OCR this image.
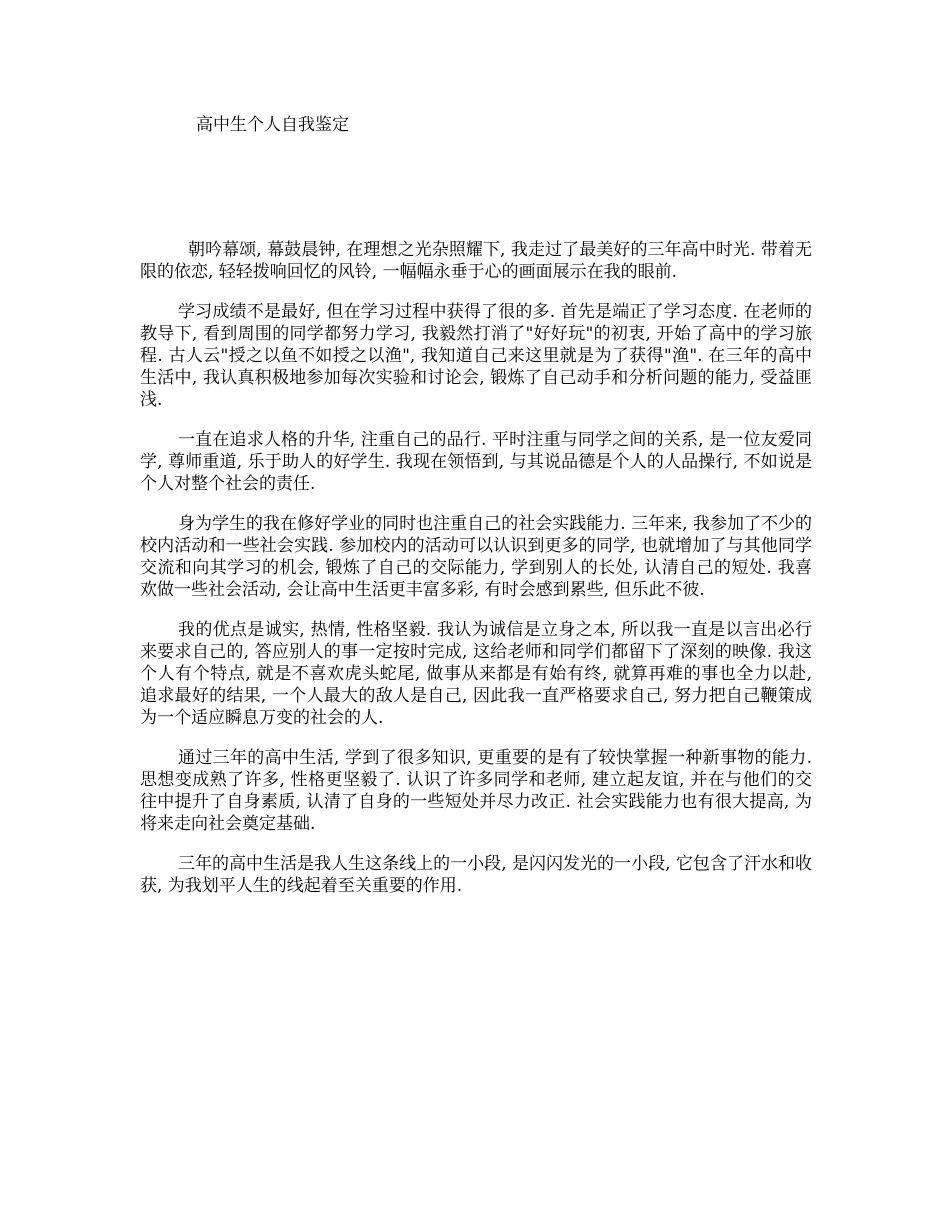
高中生个人自我鉴定

朝吟幕颂, 幕鼓晨钟, 在理想之光杂照耀下, 我走过了最美好的三年高中时光. 带着无限的依恋, 轻轻拨响回忆的风铃, 一幅幅永垂于心的画面展示在我的眼前.

学习成绩不是最好, 但在学习过程中获得了很的多. 首先是端正了学习态度. 在老师的教导下, 看到周围的同学都努力学习, 我毅然打消了"好好玩"的初衷, 开始了高中的学习旅程. 古人云"授之以鱼不如授之以渔", 我知道自己来这里就是为了获得"渔". 在三年的高中生活中, 我认真积极地参加每次实验和讨论会, 锻炼了自己动手和分析问题的能力, 受益匪浅.

一直在追求人格的升华, 注重自己的品行. 平时注重与同学之间的关系, 是一位友爱同学, 尊师重道, 乐于助人的好学生. 我现在领悟到, 与其说品德是个人的人品操行, 不如说是个人对整个社会的责任.

身为学生的我在修好学业的同时也注重自己的社会实践能力. 三年来, 我参加了不少的校内活动和一些社会实践. 参加校内的活动可以认识到更多的同学, 也就增加了与其他同学交流和向其学习的机会, 锻炼了自己的交际能力, 学到别人的长处, 认清自己的短处. 我喜欢做一些社会活动, 会让高中生活更丰富多彩, 有时会感到累些, 但乐此不彼.

我的优点是诚实, 热情, 性格坚毅. 我认为诚信是立身之本, 所以我一直是以言出必行来要求自己的, 答应别人的事一定按时完成, 这给老师和同学们都留下了深刻的映像. 我这个人有个特点, 就是不喜欢虎头蛇尾, 做事从来都是有始有终, 就算再难的事也全力以赴, 追求最好的结果, 一个人最大的敌人是自己, 因此我一直严格要求自己, 努力把自己鞭策成为一个适应瞬息万变的社会的人.

通过三年的高中生活, 学到了很多知识, 更重要的是有了较快掌握一种新事物的能力. 思想变成熟了许多, 性格更坚毅了. 认识了许多同学和老师, 建立起友谊, 并在与他们的交往中提升了自身素质, 认清了自身的一些短处并尽力改正. 社会实践能力也有很大提高, 为将来走向社会奠定基础.

三年的高中生活是我人生这条线上的一小段, 是闪闪发光的一小段, 它包含了汗水和收获, 为我划平人生的线起着至关重要的作用.
